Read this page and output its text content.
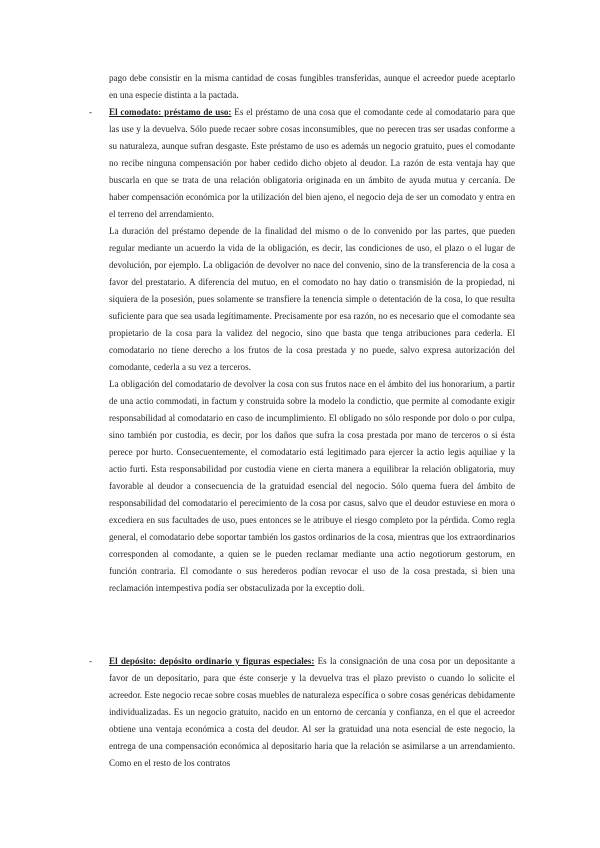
pago debe consistir en la misma cantidad de cosas fungibles transferidas, aunque el acreedor puede aceptarlo en una especie distinta a la pactada.

- El comodato: préstamo de uso: Es el préstamo de una cosa que el comodante cede al comodatario para que las use y la devuelva. Sólo puede recaer sobre cosas inconsumibles, que no perecen tras ser usadas conforme a su naturaleza, aunque sufran desgaste. Este préstamo de uso es además un negocio gratuito, pues el comodante no recibe ninguna compensación por haber cedido dicho objeto al deudor. La razón de esta ventaja hay que buscarla en que se trata de una relación obligatoria originada en un ámbito de ayuda mutua y cercanía. De haber compensación económica por la utilización del bien ajeno, el negocio deja de ser un comodato y entra en el terreno del arrendamiento.

La duración del préstamo depende de la finalidad del mismo o de lo convenido por las partes, que pueden regular mediante un acuerdo la vida de la obligación, es decir, las condiciones de uso, el plazo o el lugar de devolución, por ejemplo. La obligación de devolver no nace del convenio, sino de la transferencia de la cosa a favor del prestatario. A diferencia del mutuo, en el comodato no hay datio o transmisión de la propiedad, ni siquiera de la posesión, pues solamente se transfiere la tenencia simple o detentación de la cosa, lo que resulta suficiente para que sea usada legítimamente. Precisamente por esa razón, no es necesario que el comodante sea propietario de la cosa para la validez del negocio, sino que basta que tenga atribuciones para cederla. El comodatario no tiene derecho a los frutos de la cosa prestada y no puede, salvo expresa autorización del comodante, cederla a su vez a terceros.

La obligación del comodatario de devolver la cosa con sus frutos nace en el ámbito del ius honorarium, a partir de una actio commodati, in factum y construida sobre la modelo la condictio, que permite al comodante exigir responsabilidad al comodatario en caso de incumplimiento. El obligado no sólo responde por dolo o por culpa, sino también por custodia, es decir, por los daños que sufra la cosa prestada por mano de terceros o si ésta perece por hurto. Consecuentemente, el comodatario está legitimado para ejercer la actio legis aquiliae y la actio furti. Esta responsabilidad por custodia viene en cierta manera a equilibrar la relación obligatoria, muy favorable al deudor a consecuencia de la gratuidad esencial del negocio. Sólo quema fuera del ámbito de responsabilidad del comodatario el perecimiento de la cosa por casus, salvo que el deudor estuviese en mora o excediera en sus facultades de uso, pues entonces se le atribuye el riesgo completo por la pérdida. Como regla general, el comodatario debe soportar también los gastos ordinarios de la cosa, mientras que los extraordinarios corresponden al comodante, a quien se le pueden reclamar mediante una actio negotiorum gestorum, en función contraria. El comodante o sus herederos podían revocar el uso de la cosa prestada, si bien una reclamación intempestiva podía ser obstaculizada por la exceptio doli.

- El depósito: depósito ordinario y figuras especiales: Es la consignación de una cosa por un depositante a favor de un depositario, para que éste conserje y la devuelva tras el plazo previsto o cuando lo solicite el acreedor. Este negocio recae sobre cosas muebles de naturaleza específica o sobre cosas genéricas debidamente individualizadas. Es un negocio gratuito, nacido en un entorno de cercanía y confianza, en el que el acreedor obtiene una ventaja económica a costa del deudor. Al ser la gratuidad una nota esencial de este negocio, la entrega de una compensación económica al depositario haría que la relación se asimilarse a un arrendamiento. Como en el resto de los contratos
